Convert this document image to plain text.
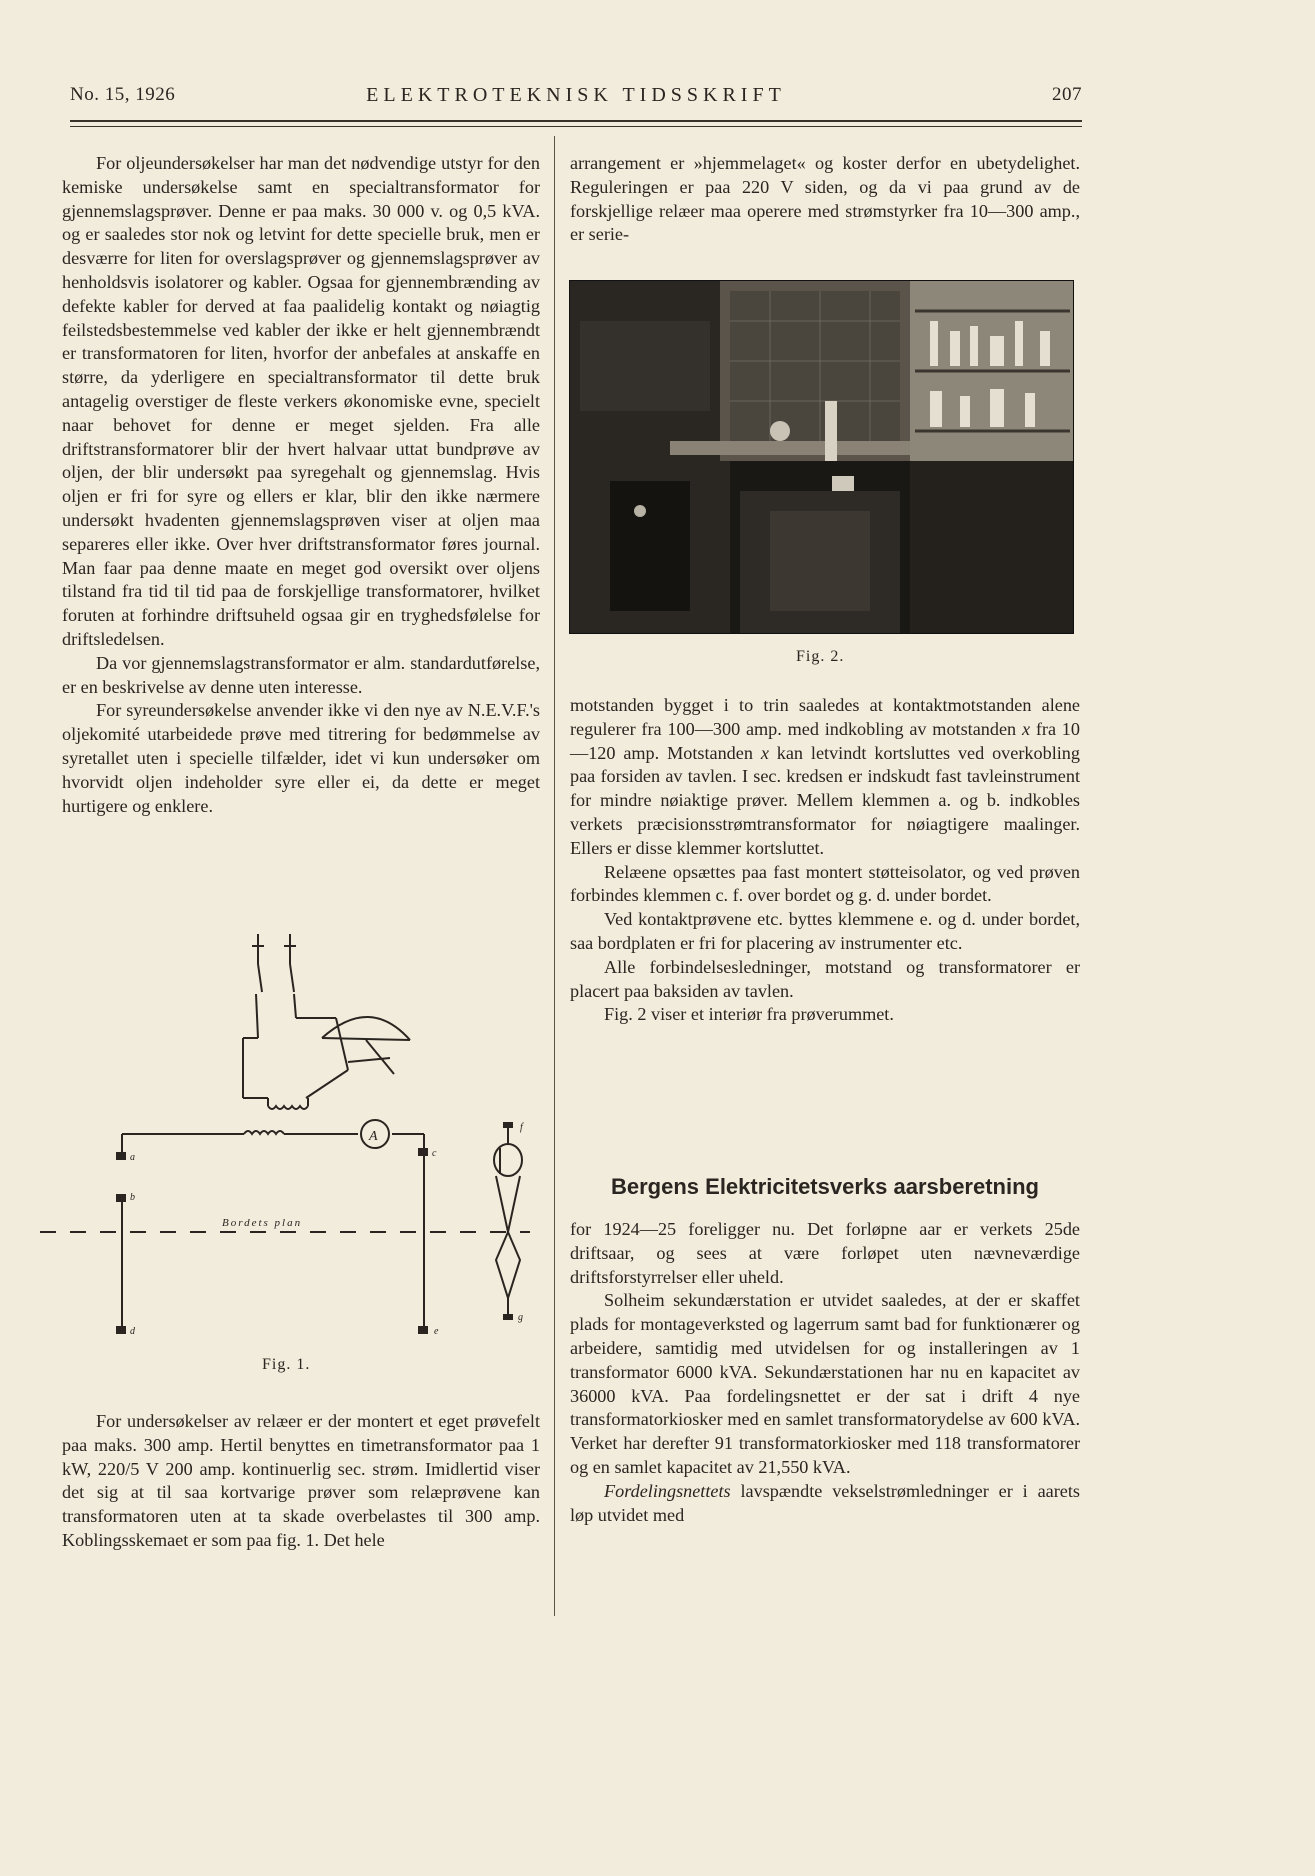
No. 15, 1926	ELEKTROTEKNISK TIDSSKRIFT	207

For oljeundersøkelser har man det nødvendige utstyr for den kemiske undersøkelse samt en specialtransformator for gjennemslagsprøver. Denne er paa maks. 30 000 v. og 0,5 kVA. og er saaledes stor nok og letvint for dette specielle bruk, men er desværre for liten for overslagsprøver og gjennemslagsprøver av henholdsvis isolatorer og kabler. Ogsaa for gjennembrænding av defekte kabler for derved at faa paalidelig kontakt og nøiagtig feilstedsbestemmelse ved kabler der ikke er helt gjennembrændt er transformatoren for liten, hvorfor der anbefales at anskaffe en større, da yderligere en specialtransformator til dette bruk antagelig overstiger de fleste verkers økonomiske evne, specielt naar behovet for denne er meget sjelden. Fra alle driftstransformatorer blir der hvert halvaar uttat bundprøve av oljen, der blir undersøkt paa syregehalt og gjennemslag. Hvis oljen er fri for syre og ellers er klar, blir den ikke nærmere undersøkt hvadenten gjennemslagsprøven viser at oljen maa separeres eller ikke. Over hver driftstransformator føres journal. Man faar paa denne maate en meget god oversikt over oljens tilstand fra tid til tid paa de forskjellige transformatorer, hvilket foruten at forhindre driftsuheld ogsaa gir en tryghedsfølelse for driftsledelsen.

Da vor gjennemslagstransformator er alm. standardutførelse, er en beskrivelse av denne uten interesse.

For syreundersøkelse anvender ikke vi den nye av N.E.V.F.'s oljekomité utarbeidede prøve med titrering for bedømmelse av syretallet uten i specielle tilfælder, idet vi kun undersøker om hvorvidt oljen indeholder syre eller ei, da dette er meget hurtigere og enklere.

A
a
b
c
d	e
f
g
Bordets plan
Fig. 1.

For undersøkelser av relæer er der montert et eget prøvefelt paa maks. 300 amp. Hertil benyttes en timetransformator paa 1 kW, 220/5 V 200 amp. kontinuerlig sec. strøm. Imidlertid viser det sig at til saa kortvarige prøver som relæprøvene kan transformatoren uten at ta skade overbelastes til 300 amp. Koblingsskemaet er som paa fig. 1. Det hele

arrangement er »hjemmelaget« og koster derfor en ubetydelighet. Reguleringen er paa 220 V siden, og da vi paa grund av de forskjellige relæer maa operere med strømstyrker fra 10—300 amp., er serie-

Fig. 2.

motstanden bygget i to trin saaledes at kontaktmotstanden alene regulerer fra 100—300 amp. med indkobling av motstanden x fra 10—120 amp. Motstanden x kan letvindt kortsluttes ved overkobling paa forsiden av tavlen. I sec. kredsen er indskudt fast tavleinstrument for mindre nøiaktige prøver. Mellem klemmen a. og b. indkobles verkets præcisionsstrømtransformator for nøiagtigere maalinger. Ellers er disse klemmer kortsluttet.

Relæene opsættes paa fast montert støtteisolator, og ved prøven forbindes klemmen c. f. over bordet og g. d. under bordet.

Ved kontaktprøvene etc. byttes klemmene e. og d. under bordet, saa bordplaten er fri for placering av instrumenter etc.

Alle forbindelsesledninger, motstand og transformatorer er placert paa baksiden av tavlen.

Fig. 2 viser et interiør fra prøverummet.

Bergens Elektricitetsverks aarsberetning

for 1924—25 foreligger nu. Det forløpne aar er verkets 25de driftsaar, og sees at være forløpet uten nævneværdige driftsforstyrrelser eller uheld.

Solheim sekundærstation er utvidet saaledes, at der er skaffet plads for montageverksted og lagerrum samt bad for funktionærer og arbeidere, samtidig med utvidelsen for og installeringen av 1 transformator 6000 kVA. Sekundærstationen har nu en kapacitet av 36000 kVA. Paa fordelingsnettet er der sat i drift 4 nye transformatorkiosker med en samlet transformatorydelse av 600 kVA. Verket har derefter 91 transformatorkiosker med 118 transformatorer og en samlet kapacitet av 21,550 kVA.

Fordelingsnettets lavspændte vekselstrømledninger er i aarets løp utvidet med
